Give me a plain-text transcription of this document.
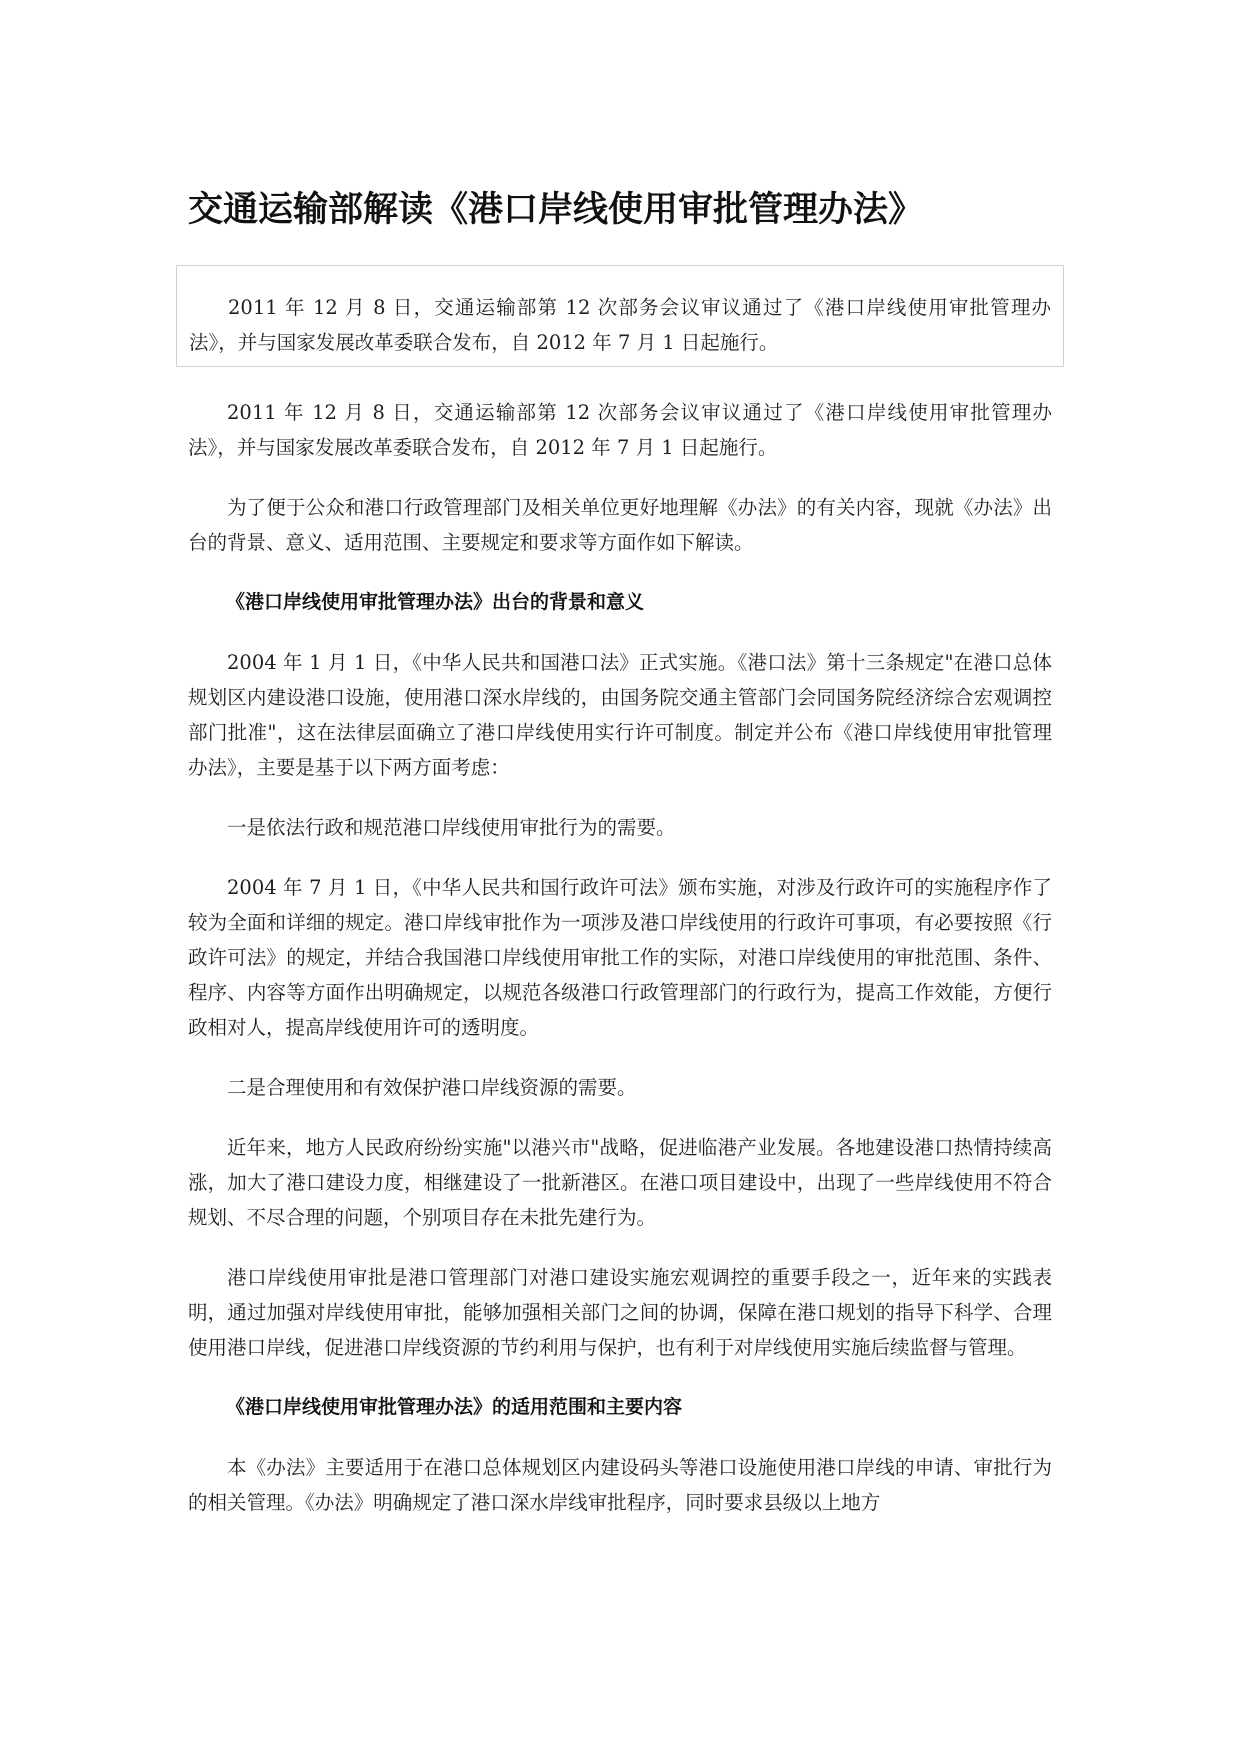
交通运输部解读《港口岸线使用审批管理办法》

2011 年 12 月 8 日，交通运输部第 12 次部务会议审议通过了《港口岸线使用审批管理办法》，并与国家发展改革委联合发布，自 2012 年 7 月 1 日起施行。

2011 年 12 月 8 日，交通运输部第 12 次部务会议审议通过了《港口岸线使用审批管理办法》，并与国家发展改革委联合发布，自 2012 年 7 月 1 日起施行。

为了便于公众和港口行政管理部门及相关单位更好地理解《办法》的有关内容，现就《办法》出台的背景、意义、适用范围、主要规定和要求等方面作如下解读。

《港口岸线使用审批管理办法》出台的背景和意义

2004 年 1 月 1 日，《中华人民共和国港口法》正式实施。《港口法》第十三条规定"在港口总体规划区内建设港口设施，使用港口深水岸线的，由国务院交通主管部门会同国务院经济综合宏观调控部门批准"，这在法律层面确立了港口岸线使用实行许可制度。制定并公布《港口岸线使用审批管理办法》，主要是基于以下两方面考虑：

一是依法行政和规范港口岸线使用审批行为的需要。

2004 年 7 月 1 日，《中华人民共和国行政许可法》颁布实施，对涉及行政许可的实施程序作了较为全面和详细的规定。港口岸线审批作为一项涉及港口岸线使用的行政许可事项，有必要按照《行政许可法》的规定，并结合我国港口岸线使用审批工作的实际，对港口岸线使用的审批范围、条件、程序、内容等方面作出明确规定，以规范各级港口行政管理部门的行政行为，提高工作效能，方便行政相对人，提高岸线使用许可的透明度。

二是合理使用和有效保护港口岸线资源的需要。

近年来，地方人民政府纷纷实施"以港兴市"战略，促进临港产业发展。各地建设港口热情持续高涨，加大了港口建设力度，相继建设了一批新港区。在港口项目建设中，出现了一些岸线使用不符合规划、不尽合理的问题，个别项目存在未批先建行为。

港口岸线使用审批是港口管理部门对港口建设实施宏观调控的重要手段之一，近年来的实践表明，通过加强对岸线使用审批，能够加强相关部门之间的协调，保障在港口规划的指导下科学、合理使用港口岸线，促进港口岸线资源的节约利用与保护，也有利于对岸线使用实施后续监督与管理。

《港口岸线使用审批管理办法》的适用范围和主要内容

本《办法》主要适用于在港口总体规划区内建设码头等港口设施使用港口岸线的申请、审批行为的相关管理。《办法》明确规定了港口深水岸线审批程序，同时要求县级以上地方
